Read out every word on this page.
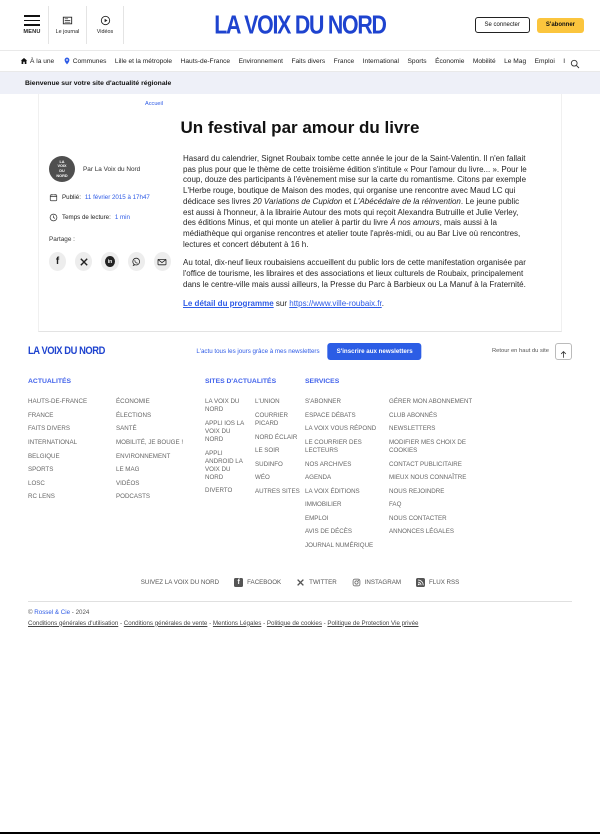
MENU	Le journal	Vidéos	LA VOIX DU NORD	Se connecter	S'abonner
À la une	Communes Lille et la métropole Hauts-de-France Environnement Faits divers France International Sports Économie Mobilité Le Mag Emploi I
Bienvenue sur votre site d'actualité régionale
Accueil
Un festival par amour du livre
LA VOIX DU NORD
Par La Voix du Nord
Publié: 11 février 2015 à 17h47
Temps de lecture: 1 min
Partage :
f	in

Hasard du calendrier, Signet Roubaix tombe cette année le jour de la Saint-Valentin. Il n'en fallait pas plus pour que le thème de cette troisième édition s'intitule « Pour l'amour du livre... ». Pour le coup, douze des participants à l'évènement mise sur la carte du romantisme. Citons par exemple L'Herbe rouge, boutique de Maison des modes, qui organise une rencontre avec Maud LC qui dédicace ses livres 20 Variations de Cupidon et L'Abécédaire de la réinvention. Le jeune public est aussi à l'honneur, à la librairie Autour des mots qui reçoit Alexandra Butruille et Julie Verley, des éditions Minus, et qui monte un atelier à partir du livre À nos amours, mais aussi à la médiathèque qui organise rencontres et atelier toute l'après-midi, ou au Bar Live où rencontres, lectures et concert débutent à 16 h.

Au total, dix-neuf lieux roubaisiens accueillent du public lors de cette manifestation organisée par l'office de tourisme, les libraires et des associations et lieux culturels de Roubaix, principalement dans le centre-ville mais aussi ailleurs, la Presse du Parc à Barbieux ou La Manuf à la Fraternité.

Le détail du programme sur https://www.ville-roubaix.fr.

LA VOIX DU NORD	L'actu tous les jours grâce à mes newsletters	S'inscrire aux newsletters	Retour en haut du site
ACTUALITÉS
HAUTS-DE-FRANCE
FRANCE
FAITS DIVERS
INTERNATIONAL
BELGIQUE
SPORTS
LOSC
RC LENS
ÉCONOMIE
ÉLECTIONS
SANTÉ
MOBILITÉ, JE BOUGE !
ENVIRONNEMENT
LE MAG
VIDÉOS
PODCASTS
SITES D'ACTUALITÉS
LA VOIX DU NORD
APPLI IOS LA VOIX DU NORD
APPLI ANDROID LA VOIX DU NORD
DIVERTO
L'UNION
COURRIER PICARD
NORD ÉCLAIR
LE SOIR
SUDINFO
WÉO
AUTRES SITES
SERVICES
S'ABONNER
ESPACE DÉBATS
LA VOIX VOUS RÉPOND
LE COURRIER DES LECTEURS
NOS ARCHIVES
AGENDA
LA VOIX ÉDITIONS
IMMOBILIER
EMPLOI
AVIS DE DÉCÈS
JOURNAL NUMÉRIQUE
GÉRER MON ABONNEMENT
CLUB ABONNÉS
NEWSLETTERS
MODIFIER MES CHOIX DE COOKIES
CONTACT PUBLICITAIRE
MIEUX NOUS CONNAÎTRE
NOUS REJOINDRE
FAQ
NOUS CONTACTER
ANNONCES LÉGALES
SUIVEZ LA VOIX DU NORD	f	FACEBOOK	TWITTER	INSTAGRAM	FLUX RSS
© Rossel & Cie - 2024
Conditions générales d'utilisation - Conditions générales de vente - Mentions Légales - Politique de cookies - Politique de Protection Vie privée
